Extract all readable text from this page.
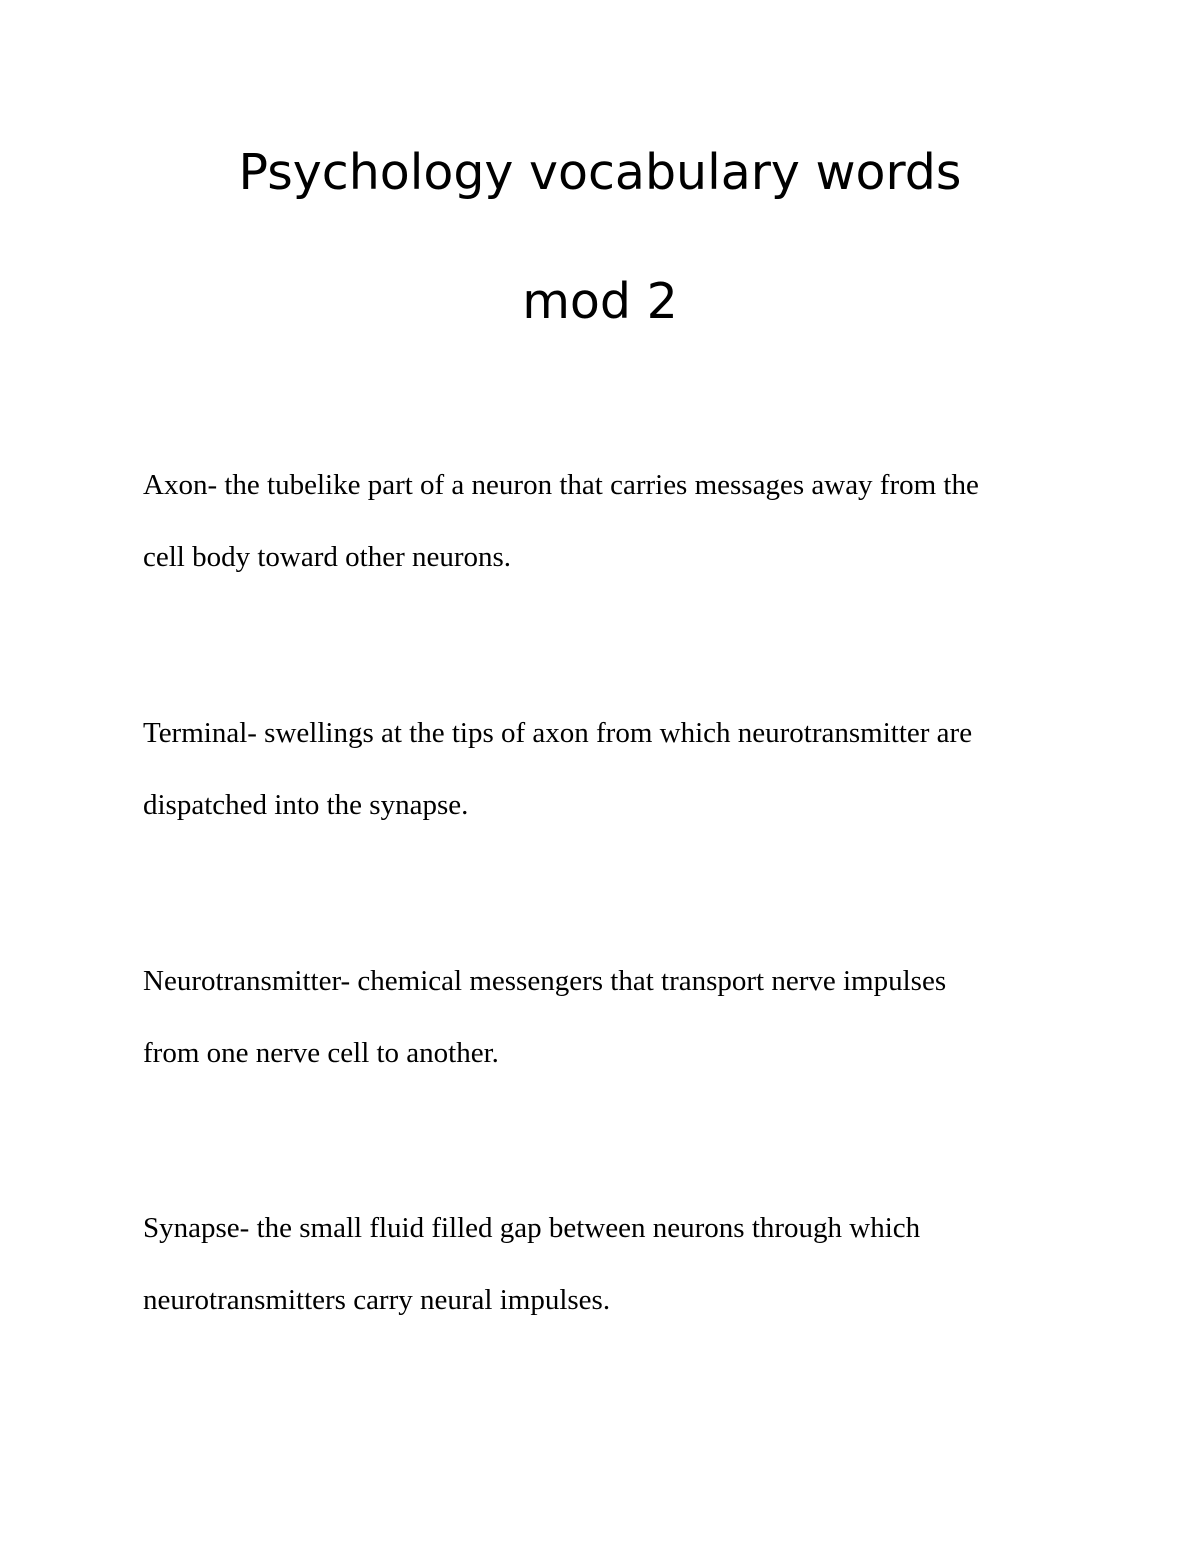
Psychology vocabulary words
mod 2
Axon- the tubelike part of a neuron that carries messages away from the
cell body toward other neurons.
Terminal- swellings at the tips of axon from which neurotransmitter are
dispatched into the synapse.
Neurotransmitter- chemical messengers that transport nerve impulses
from one nerve cell to another.
Synapse- the small fluid filled gap between neurons through which
neurotransmitters carry neural impulses.
